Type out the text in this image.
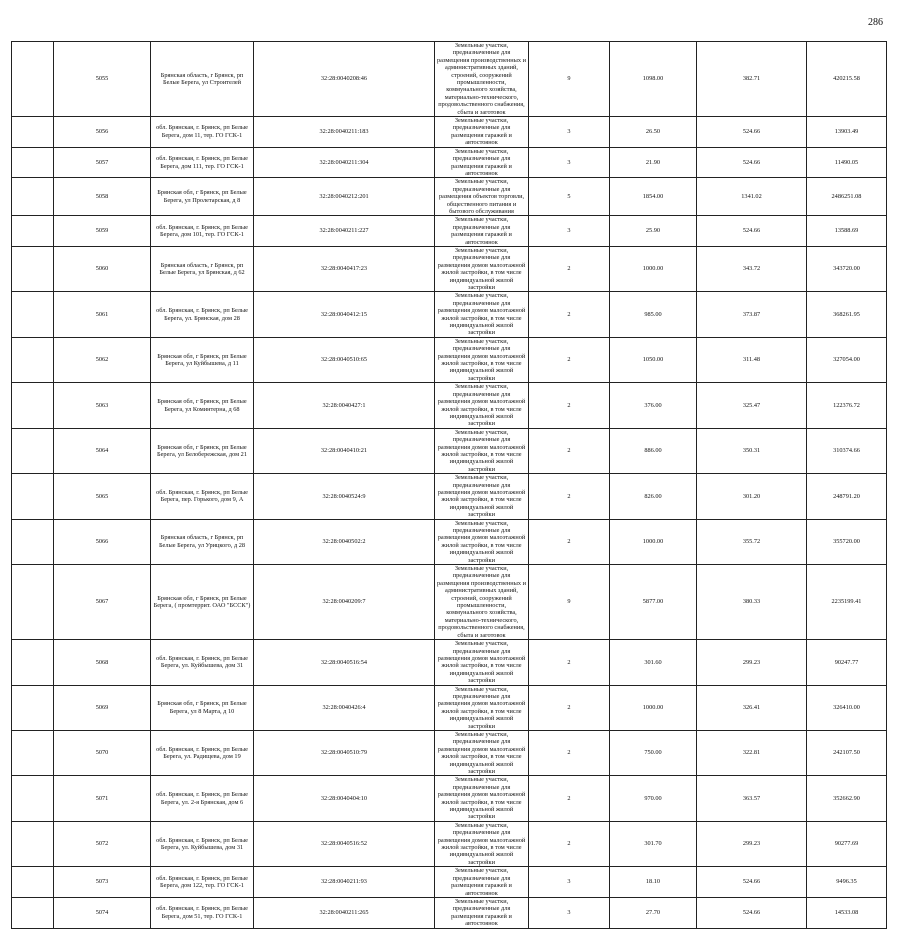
286
	5055	Брянская область, г Брянск, рп Белые Берега, ул Строителей	32:28:0040208:46	Земельные участки, предназначенные для размещения производственных и административных зданий, строений, сооружений промышленности, коммунального хозяйства, материально-технического, продовольственного снабжения, сбыта и заготовок	9	1098.00	382.71	420215.58
	5056	обл. Брянская, г. Брянск, рп Белые Берега, дом 11, тер. ГО ГСК-1	32:28:0040211:183	Земельные участки, предназначенные для размещения гаражей и автостоянок	3	26.50	524.66	13903.49
	5057	обл. Брянская, г. Брянск, рп Белые Берега, дом 111, тер. ГО ГСК-1	32:28:0040211:304	Земельные участки, предназначенные для размещения гаражей и автостоянок	3	21.90	524.66	11490.05
	5058	Брянская обл, г Брянск, рп Белые Берега, ул Пролетарская, д 8	32:28:0040212:201	Земельные участки, предназначенные для размещения объектов торговли, общественного питания и бытового обслуживания	5	1854.00	1341.02	2486251.08
	5059	обл. Брянская, г. Брянск, рп Белые Берега, дом 101, тер. ГО ГСК-1	32:28:0040211:227	Земельные участки, предназначенные для размещения гаражей и автостоянок	3	25.90	524.66	13588.69
	5060	Брянская область, г Брянск, рп Белые Берега, ул Брянская, д 62	32:28:0040417:23	Земельные участки, предназначенные для размещения домов малоэтажной жилой застройки, в том числе индивидуальной жилой застройки	2	1000.00	343.72	343720.00
	5061	обл. Брянская, г. Брянск, рп Белые Берега, ул. Брянская, дом 28	32:28:0040412:15	Земельные участки, предназначенные для размещения домов малоэтажной жилой застройки, в том числе индивидуальной жилой застройки	2	985.00	373.87	368261.95
	5062	Брянская обл, г Брянск, рп Белые Берега, ул Куйбышева, д 11	32:28:0040510:65	Земельные участки, предназначенные для размещения домов малоэтажной жилой застройки, в том числе индивидуальной жилой застройки	2	1050.00	311.48	327054.00
	5063	Брянская обл, г Брянск, рп Белые Берега, ул Коминтерна, д 68	32:28:0040427:1	Земельные участки, предназначенные для размещения домов малоэтажной жилой застройки, в том числе индивидуальной жилой застройки	2	376.00	325.47	122376.72
	5064	Брянская обл, г Брянск, рп Белые Берега, ул Белобережская, дом 21	32:28:0040410:21	Земельные участки, предназначенные для размещения домов малоэтажной жилой застройки, в том числе индивидуальной жилой застройки	2	886.00	350.31	310374.66
	5065	обл. Брянская, г. Брянск, рп Белые Берега, пер. Горького, дом 9, А	32:28:0040524:9	Земельные участки, предназначенные для размещения домов малоэтажной жилой застройки, в том числе индивидуальной жилой застройки	2	826.00	301.20	248791.20
	5066	Брянская область, г Брянск, рп Белые Берега, ул Урицкого, д 28	32:28:0040502:2	Земельные участки, предназначенные для размещения домов малоэтажной жилой застройки, в том числе индивидуальной жилой застройки	2	1000.00	355.72	355720.00
	5067	Брянская обл, г Брянск, рп Белые Берега, ( промтеррит. ОАО "БССК")	32:28:0040209:7	Земельные участки, предназначенные для размещения производственных и административных зданий, строений, сооружений промышленности, коммунального хозяйства, материально-технического, продовольственного снабжения, сбыта и заготовок	9	5877.00	380.33	2235199.41
	5068	обл. Брянская, г. Брянск, рп Белые Берега, ул. Куйбышева, дом 31	32:28:0040516:54	Земельные участки, предназначенные для размещения домов малоэтажной жилой застройки, в том числе индивидуальной жилой застройки	2	301.60	299.23	90247.77
	5069	Брянская обл, г Брянск, рп Белые Берега, ул 8 Марта, д 10	32:28:0040426:4	Земельные участки, предназначенные для размещения домов малоэтажной жилой застройки, в том числе индивидуальной жилой застройки	2	1000.00	326.41	326410.00
	5070	обл. Брянская, г. Брянск, рп Белые Берега, ул. Радищева, дом 19	32:28:0040510:79	Земельные участки, предназначенные для размещения домов малоэтажной жилой застройки, в том числе индивидуальной жилой застройки	2	750.00	322.81	242107.50
	5071	обл. Брянская, г. Брянск, рп Белые Берега, ул. 2-я Брянская, дом 6	32:28:0040404:10	Земельные участки, предназначенные для размещения домов малоэтажной жилой застройки, в том числе индивидуальной жилой застройки	2	970.00	363.57	352662.90
	5072	обл. Брянская, г. Брянск, рп Белые Берега, ул. Куйбышева, дом 31	32:28:0040516:52	Земельные участки, предназначенные для размещения домов малоэтажной жилой застройки, в том числе индивидуальной жилой застройки	2	301.70	299.23	90277.69
	5073	обл. Брянская, г. Брянск, рп Белые Берега, дом 122, тер. ГО ГСК-1	32:28:0040211:93	Земельные участки, предназначенные для размещения гаражей и автостоянок	3	18.10	524.66	9496.35
	5074	обл. Брянская, г. Брянск, рп Белые Берега, дом 51, тер. ГО ГСК-1	32:28:0040211:265	Земельные участки, предназначенные для размещения гаражей и автостоянок	3	27.70	524.66	14533.08
